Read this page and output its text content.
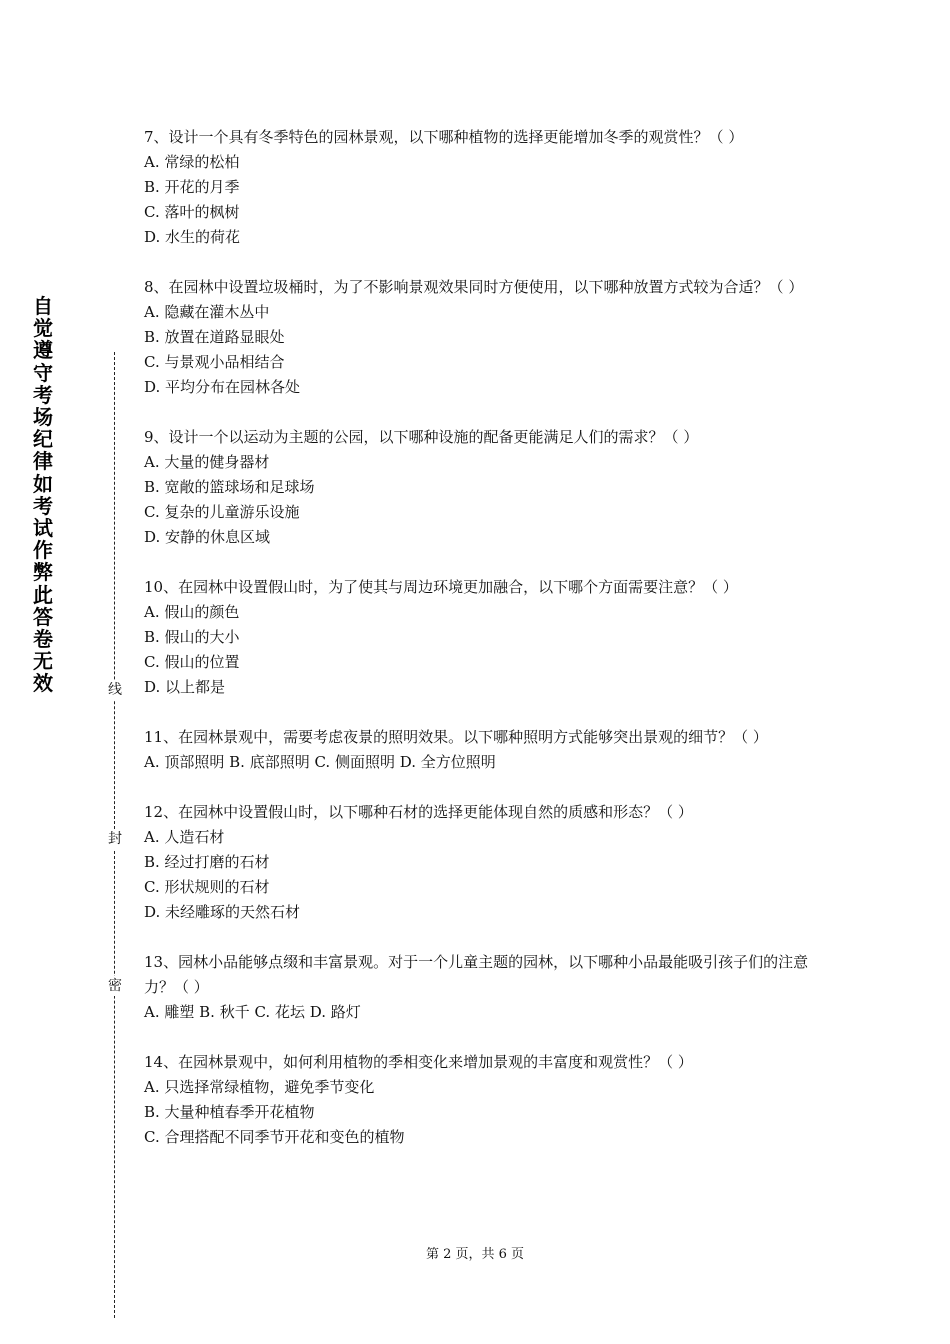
自觉遵守考场纪律如考试作弊此答卷无效	线
封
密

7、设计一个具有冬季特色的园林景观，以下哪种植物的选择更能增加冬季的观赏性？（ ）

A. 常绿的松柏

B. 开花的月季

C. 落叶的枫树

D. 水生的荷花

8、在园林中设置垃圾桶时，为了不影响景观效果同时方便使用，以下哪种放置方式较为合适？（ ）

A. 隐藏在灌木丛中

B. 放置在道路显眼处

C. 与景观小品相结合

D. 平均分布在园林各处

9、设计一个以运动为主题的公园，以下哪种设施的配备更能满足人们的需求？（ ）

A. 大量的健身器材

B. 宽敞的篮球场和足球场

C. 复杂的儿童游乐设施

D. 安静的休息区域

10、在园林中设置假山时，为了使其与周边环境更加融合，以下哪个方面需要注意？（ ）

A. 假山的颜色

B. 假山的大小

C. 假山的位置

D. 以上都是

11、在园林景观中，需要考虑夜景的照明效果。以下哪种照明方式能够突出景观的细节？（ ）

A. 顶部照明 B. 底部照明 C. 侧面照明 D. 全方位照明

12、在园林中设置假山时，以下哪种石材的选择更能体现自然的质感和形态？（ ）

A. 人造石材

B. 经过打磨的石材

C. 形状规则的石材

D. 未经雕琢的天然石材

13、园林小品能够点缀和丰富景观。对于一个儿童主题的园林，以下哪种小品最能吸引孩子们的注意力？（ ）

A. 雕塑 B. 秋千 C. 花坛 D. 路灯

14、在园林景观中，如何利用植物的季相变化来增加景观的丰富度和观赏性？（ ）

A. 只选择常绿植物，避免季节变化

B. 大量种植春季开花植物

C. 合理搭配不同季节开花和变色的植物

第 2 页，共 6 页
